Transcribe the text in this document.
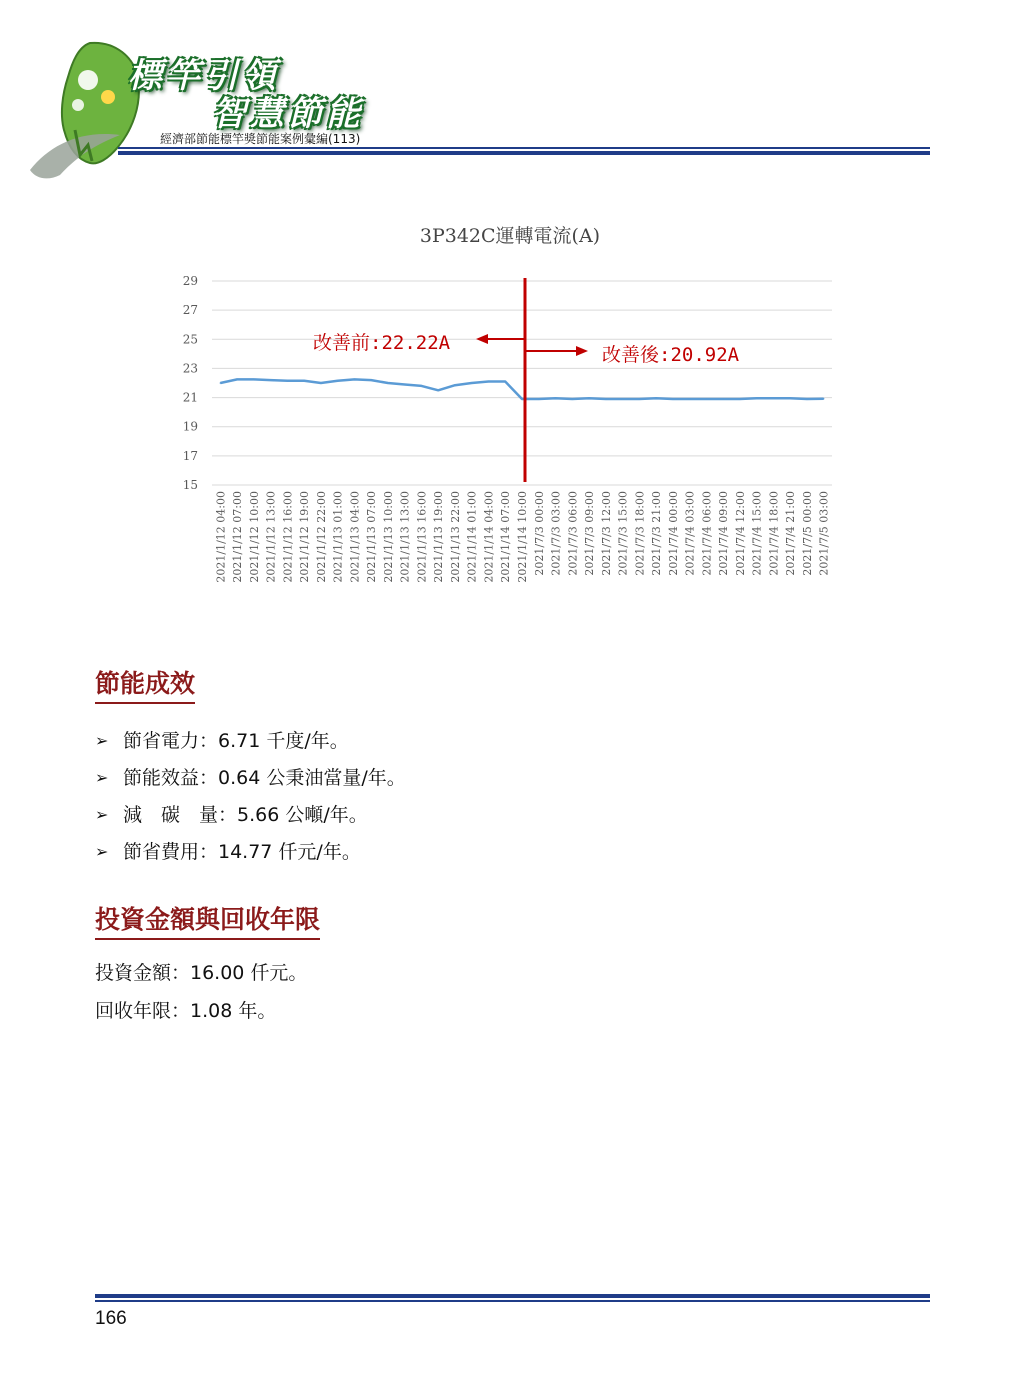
標竿引領
智慧節能
經濟部節能標竿獎節能案例彙編(113)
3P342C運轉電流(A)
15
17
19
21
23
25
27
29
2021/1/12 04:00 2021/1/12 07:00 2021/1/12 10:00 2021/1/12 13:00 2021/1/12 16:00 2021/1/12 19:00 2021/1/12 22:00 2021/1/13 01:00 2021/1/13 04:00 2021/1/13 07:00 2021/1/13 10:00 2021/1/13 13:00 2021/1/13 16:00 2021/1/13 19:00 2021/1/13 22:00 2021/1/14 01:00 2021/1/14 04:00 2021/1/14 07:00 2021/1/14 10:00 2021/7/3 00:00 2021/7/3 03:00 2021/7/3 06:00 2021/7/3 09:00 2021/7/3 12:00 2021/7/3 15:00 2021/7/3 18:00 2021/7/3 21:00 2021/7/4 00:00 2021/7/4 03:00 2021/7/4 06:00 2021/7/4 09:00 2021/7/4 12:00 2021/7/4 15:00 2021/7/4 18:00 2021/7/4 21:00 2021/7/5 00:00 2021/7/5 03:00
改善前:22.22A
改善後:20.92A
節能成效
➢ 節省電力：6.71 千度/年。
➢ 節能效益：0.64 公秉油當量/年。
➢ 減　碳　量：5.66 公噸/年。
➢ 節省費用：14.77 仟元/年。
投資金額與回收年限
投資金額：16.00 仟元。
回收年限：1.08 年。
166
